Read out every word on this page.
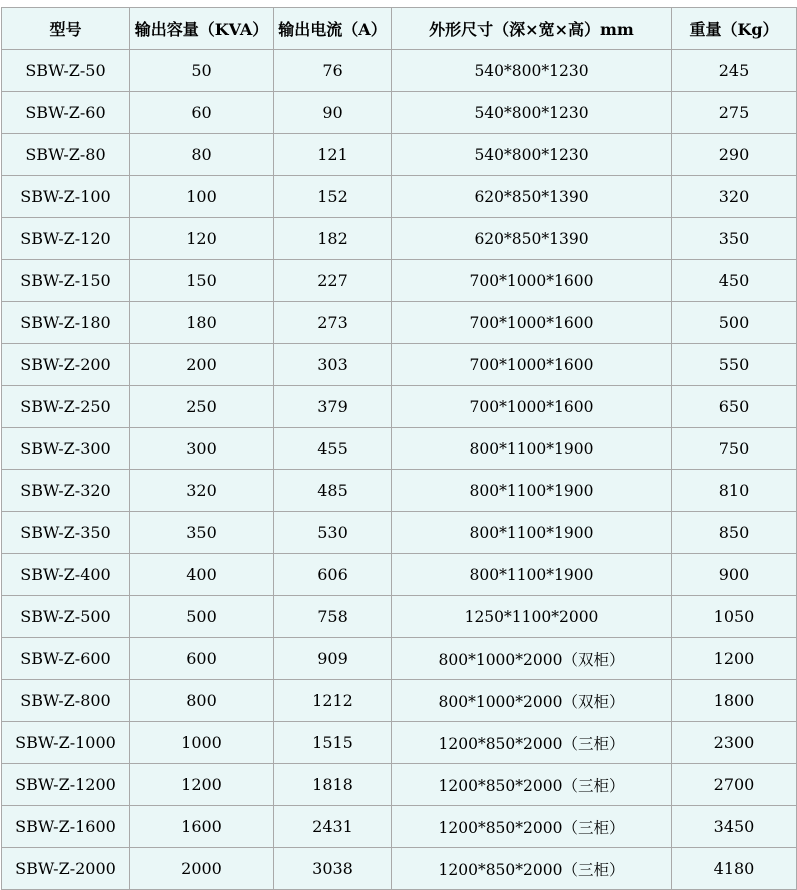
型号	输出容量（KVA）	输出电流（A）	外形尺寸（深×宽×高）mm	重量（Kg）
SBW-Z-50	50	76	540*800*1230	245
SBW-Z-60	60	90	540*800*1230	275
SBW-Z-80	80	121	540*800*1230	290
SBW-Z-100	100	152	620*850*1390	320
SBW-Z-120	120	182	620*850*1390	350
SBW-Z-150	150	227	700*1000*1600	450
SBW-Z-180	180	273	700*1000*1600	500
SBW-Z-200	200	303	700*1000*1600	550
SBW-Z-250	250	379	700*1000*1600	650
SBW-Z-300	300	455	800*1100*1900	750
SBW-Z-320	320	485	800*1100*1900	810
SBW-Z-350	350	530	800*1100*1900	850
SBW-Z-400	400	606	800*1100*1900	900
SBW-Z-500	500	758	1250*1100*2000	1050
SBW-Z-600	600	909	800*1000*2000（双柜）	1200
SBW-Z-800	800	1212	800*1000*2000（双柜）	1800
SBW-Z-1000	1000	1515	1200*850*2000（三柜）	2300
SBW-Z-1200	1200	1818	1200*850*2000（三柜）	2700
SBW-Z-1600	1600	2431	1200*850*2000（三柜）	3450
SBW-Z-2000	2000	3038	1200*850*2000（三柜）	4180
